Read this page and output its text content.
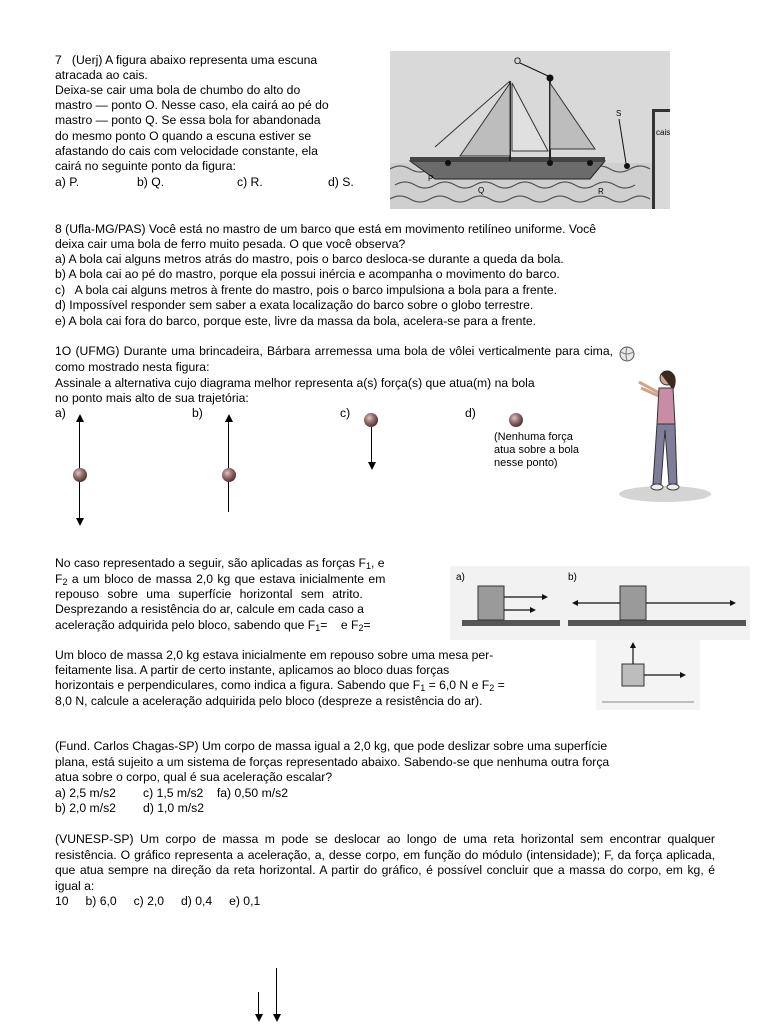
7   (Uerj) A figura abaixo representa uma escuna
atracada ao cais.
Deixa-se cair uma bola de chumbo do alto do
mastro — ponto O. Nesse caso, ela cairá ao pé do
mastro — ponto Q. Se essa bola for abandonada
do mesmo ponto O quando a escuna estiver se
afastando do cais com velocidade constante, ela
cairá no seguinte ponto da figura:
a) P.	b) Q.	c) R.	d) S.
cais
O
S
P
Q	R
8 (Ufla-MG/PAS) Você está no mastro de um barco que está em movimento retilíneo uniforme. Você
deixa cair uma bola de ferro muito pesada. O que você observa?
a) A bola cai alguns metros atrás do mastro, pois o barco desloca-se durante a queda da bola.
b) A bola cai ao pé do mastro, porque ela possui inércia e acompanha o movimento do barco.
c)   A bola cai alguns metros à frente do mastro, pois o barco impulsiona a bola para a frente.
d) Impossível responder sem saber a exata localização do barco sobre o globo terrestre.
e) A bola cai fora do barco, porque este, livre da massa da bola, acelera-se para a frente.
1O (UFMG) Durante uma brincadeira, Bárbara arremessa uma bola de vôlei verticalmente para cima, como mostrado nesta figura:
Assinale a alternativa cujo diagrama melhor representa a(s) força(s) que atua(m) na bola
no ponto mais alto de sua trajetória:
a)	b)	c)	d)
(Nenhuma força
atua sobre a bola
nesse ponto)
No caso representado a seguir, são aplicadas as forças $F_1$, e
$F_2$ a um bloco de massa 2,0 kg que estava inicialmente em
repouso sobre uma superfície horizontal sem atrito.
Desprezando a resistência do ar, calcule em cada caso a
aceleração adquirida pelo bloco, sabendo que $F_1=$    e $F_2=$
a)	b)
Um bloco de massa 2,0 kg estava inicialmente em repouso sobre uma mesa per-
feitamente lisa. A partir de certo instante, aplicamos ao bloco duas forças
horizontais e perpendiculares, como indica a figura. Sabendo que $F_1 = 6,0$ N e $F_2$ =
8,0 N, calcule a aceleração adquirida pelo bloco (despreze a resistência do ar).
(Fund. Carlos Chagas-SP) Um corpo de massa igual a 2,0 kg, que pode deslizar sobre uma superfície
plana, está sujeito a um sistema de forças representado abaixo. Sabendo-se que nenhuma outra força
atua sobre o corpo, qual é sua aceleração escalar?
a) 2,5 m/s2        c) 1,5 m/s2    fa) 0,50 m/s2
b) 2,0 m/s2        d) 1,0 m/s2
(VUNESP-SP) Um corpo de massa m pode se deslocar ao longo de uma reta horizontal sem encontrar qualquer resistência. O gráfico representa a aceleração, a, desse corpo, em função do módulo (intensidade); F, da força aplicada, que atua sempre na direção da reta horizontal. A partir do gráfico, é possível concluir que a massa do corpo, em kg, é igual a:
10     b) 6,0     c) 2,0     d) 0,4     e) 0,1
